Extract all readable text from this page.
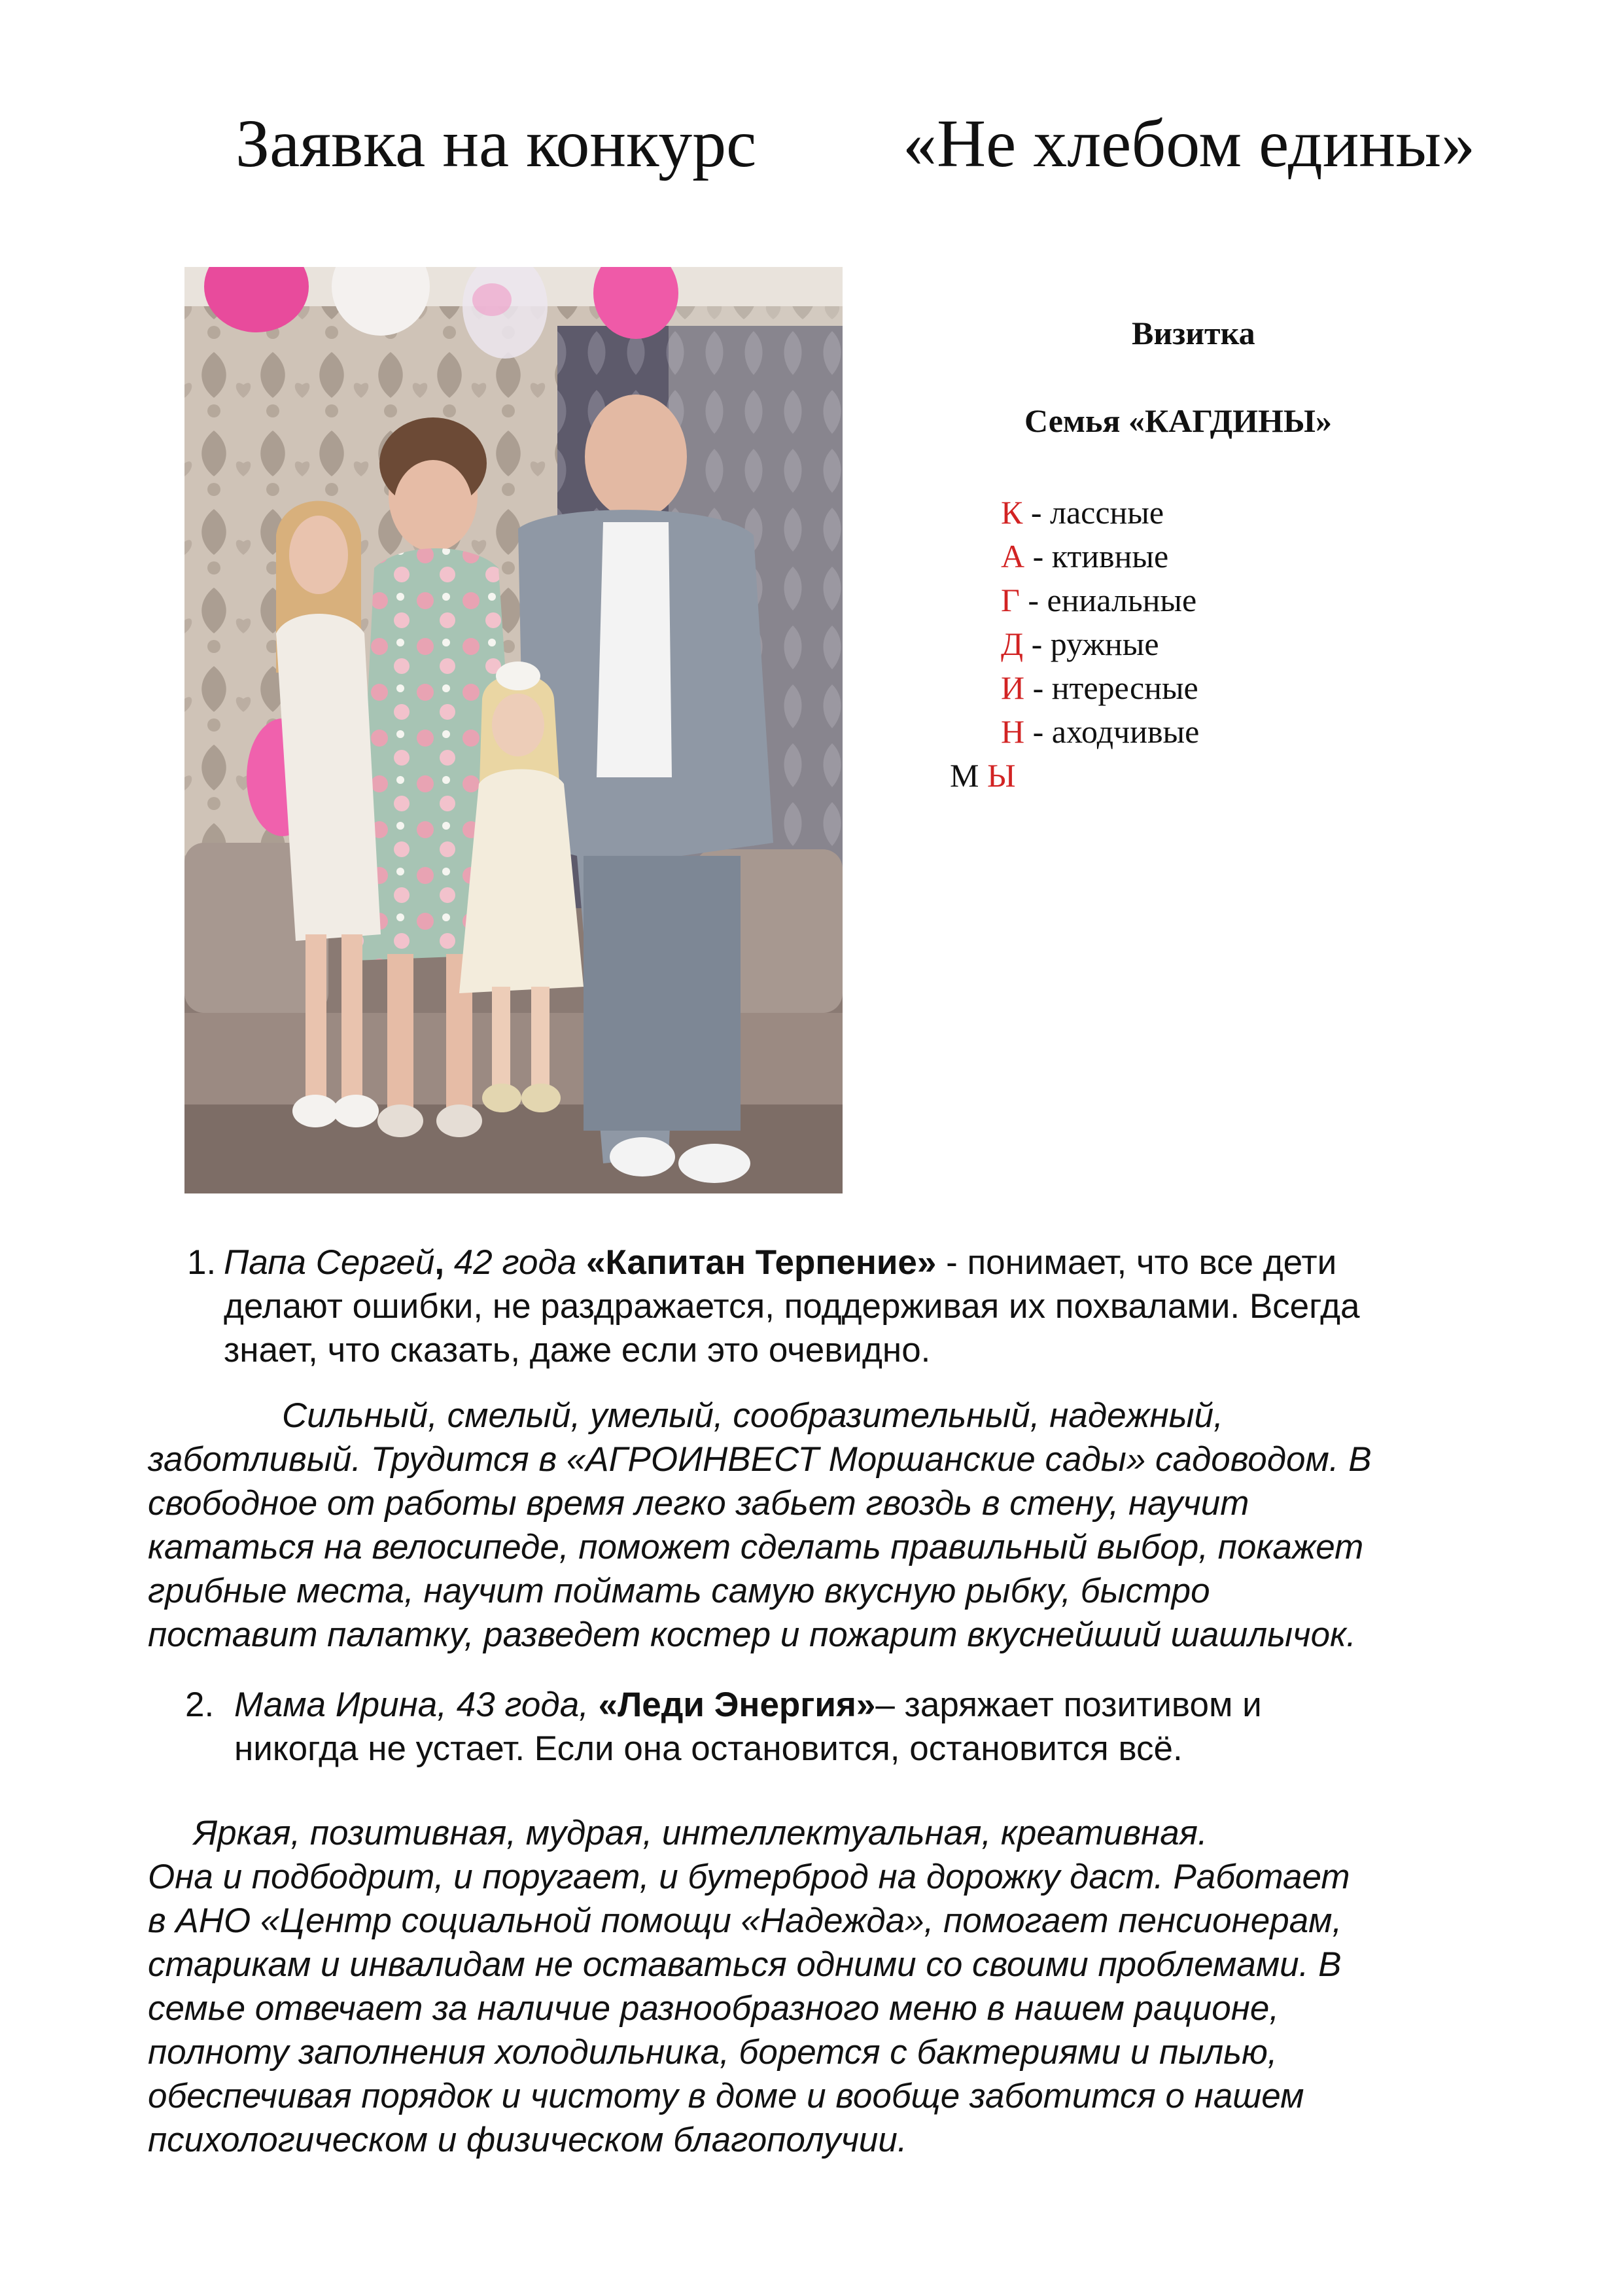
Заявка на конкурс «Не хлебом едины»
Визитка
Семья «КАГДИНЫ»
К - лассные
А - ктивные
Г - ениальные
Д - ружные
И - нтересные
Н - аходчивые
М Ы
1. Папа Сергей, 42 года «Капитан Терпение» - понимает, что все дети
делают ошибки, не раздражается, поддерживая их похвалами. Всегда
знает, что сказать, даже если это очевидно.
Сильный, смелый, умелый, сообразительный, надежный,
заботливый. Трудится в «АГРОИНВЕСТ Моршанские сады» садоводом. В
свободное от работы время легко забьет гвоздь в стену, научит
кататься на велосипеде, поможет сделать правильный выбор, покажет
грибные места, научит поймать самую вкусную рыбку, быстро
поставит палатку, разведет костер и пожарит вкуснейший шашлычок.
2. Мама Ирина, 43 года, «Леди Энергия»– заряжает позитивом и
никогда не устает. Если она остановится, остановится всё.
Яркая, позитивная, мудрая, интеллектуальная, креативная.
Она и подбодрит, и поругает, и бутерброд на дорожку даст. Работает
в АНО «Центр социальной помощи «Надежда», помогает пенсионерам,
старикам и инвалидам не оставаться одними со своими проблемами. В
семье отвечает за наличие разнообразного меню в нашем рационе,
полноту заполнения холодильника, борется с бактериями и пылью,
обеспечивая порядок и чистоту в доме и вообще заботится о нашем
психологическом и физическом благополучии.
